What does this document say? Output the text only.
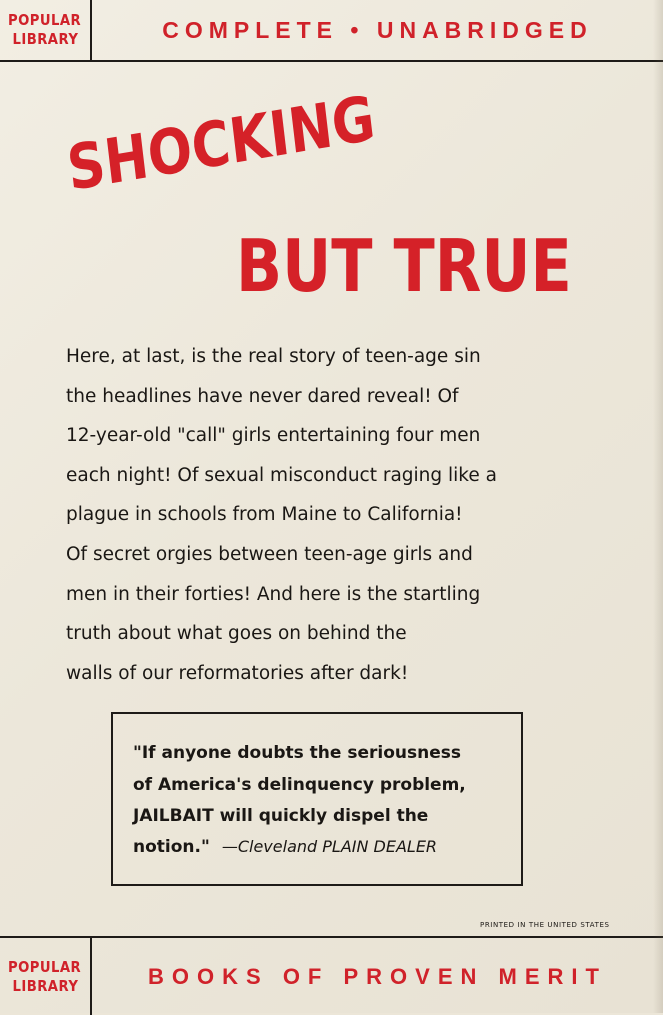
POPULAR
LIBRARY	COMPLETE • UNABRIDGED
SHOCKING
BUT TRUE
Here, at last, is the real story of teen-age sin
the headlines have never dared reveal! Of
12-year-old "call" girls entertaining four men
each night! Of sexual misconduct raging like a
plague in schools from Maine to California!
Of secret orgies between teen-age girls and
men in their forties! And here is the startling
truth about what goes on behind the
walls of our reformatories after dark!
"If anyone doubts the seriousness
of America's delinquency problem,
JAILBAIT will quickly dispel the
notion." —Cleveland PLAIN DEALER
PRINTED IN THE UNITED STATES
POPULAR
LIBRARY	BOOKS OF PROVEN MERIT
